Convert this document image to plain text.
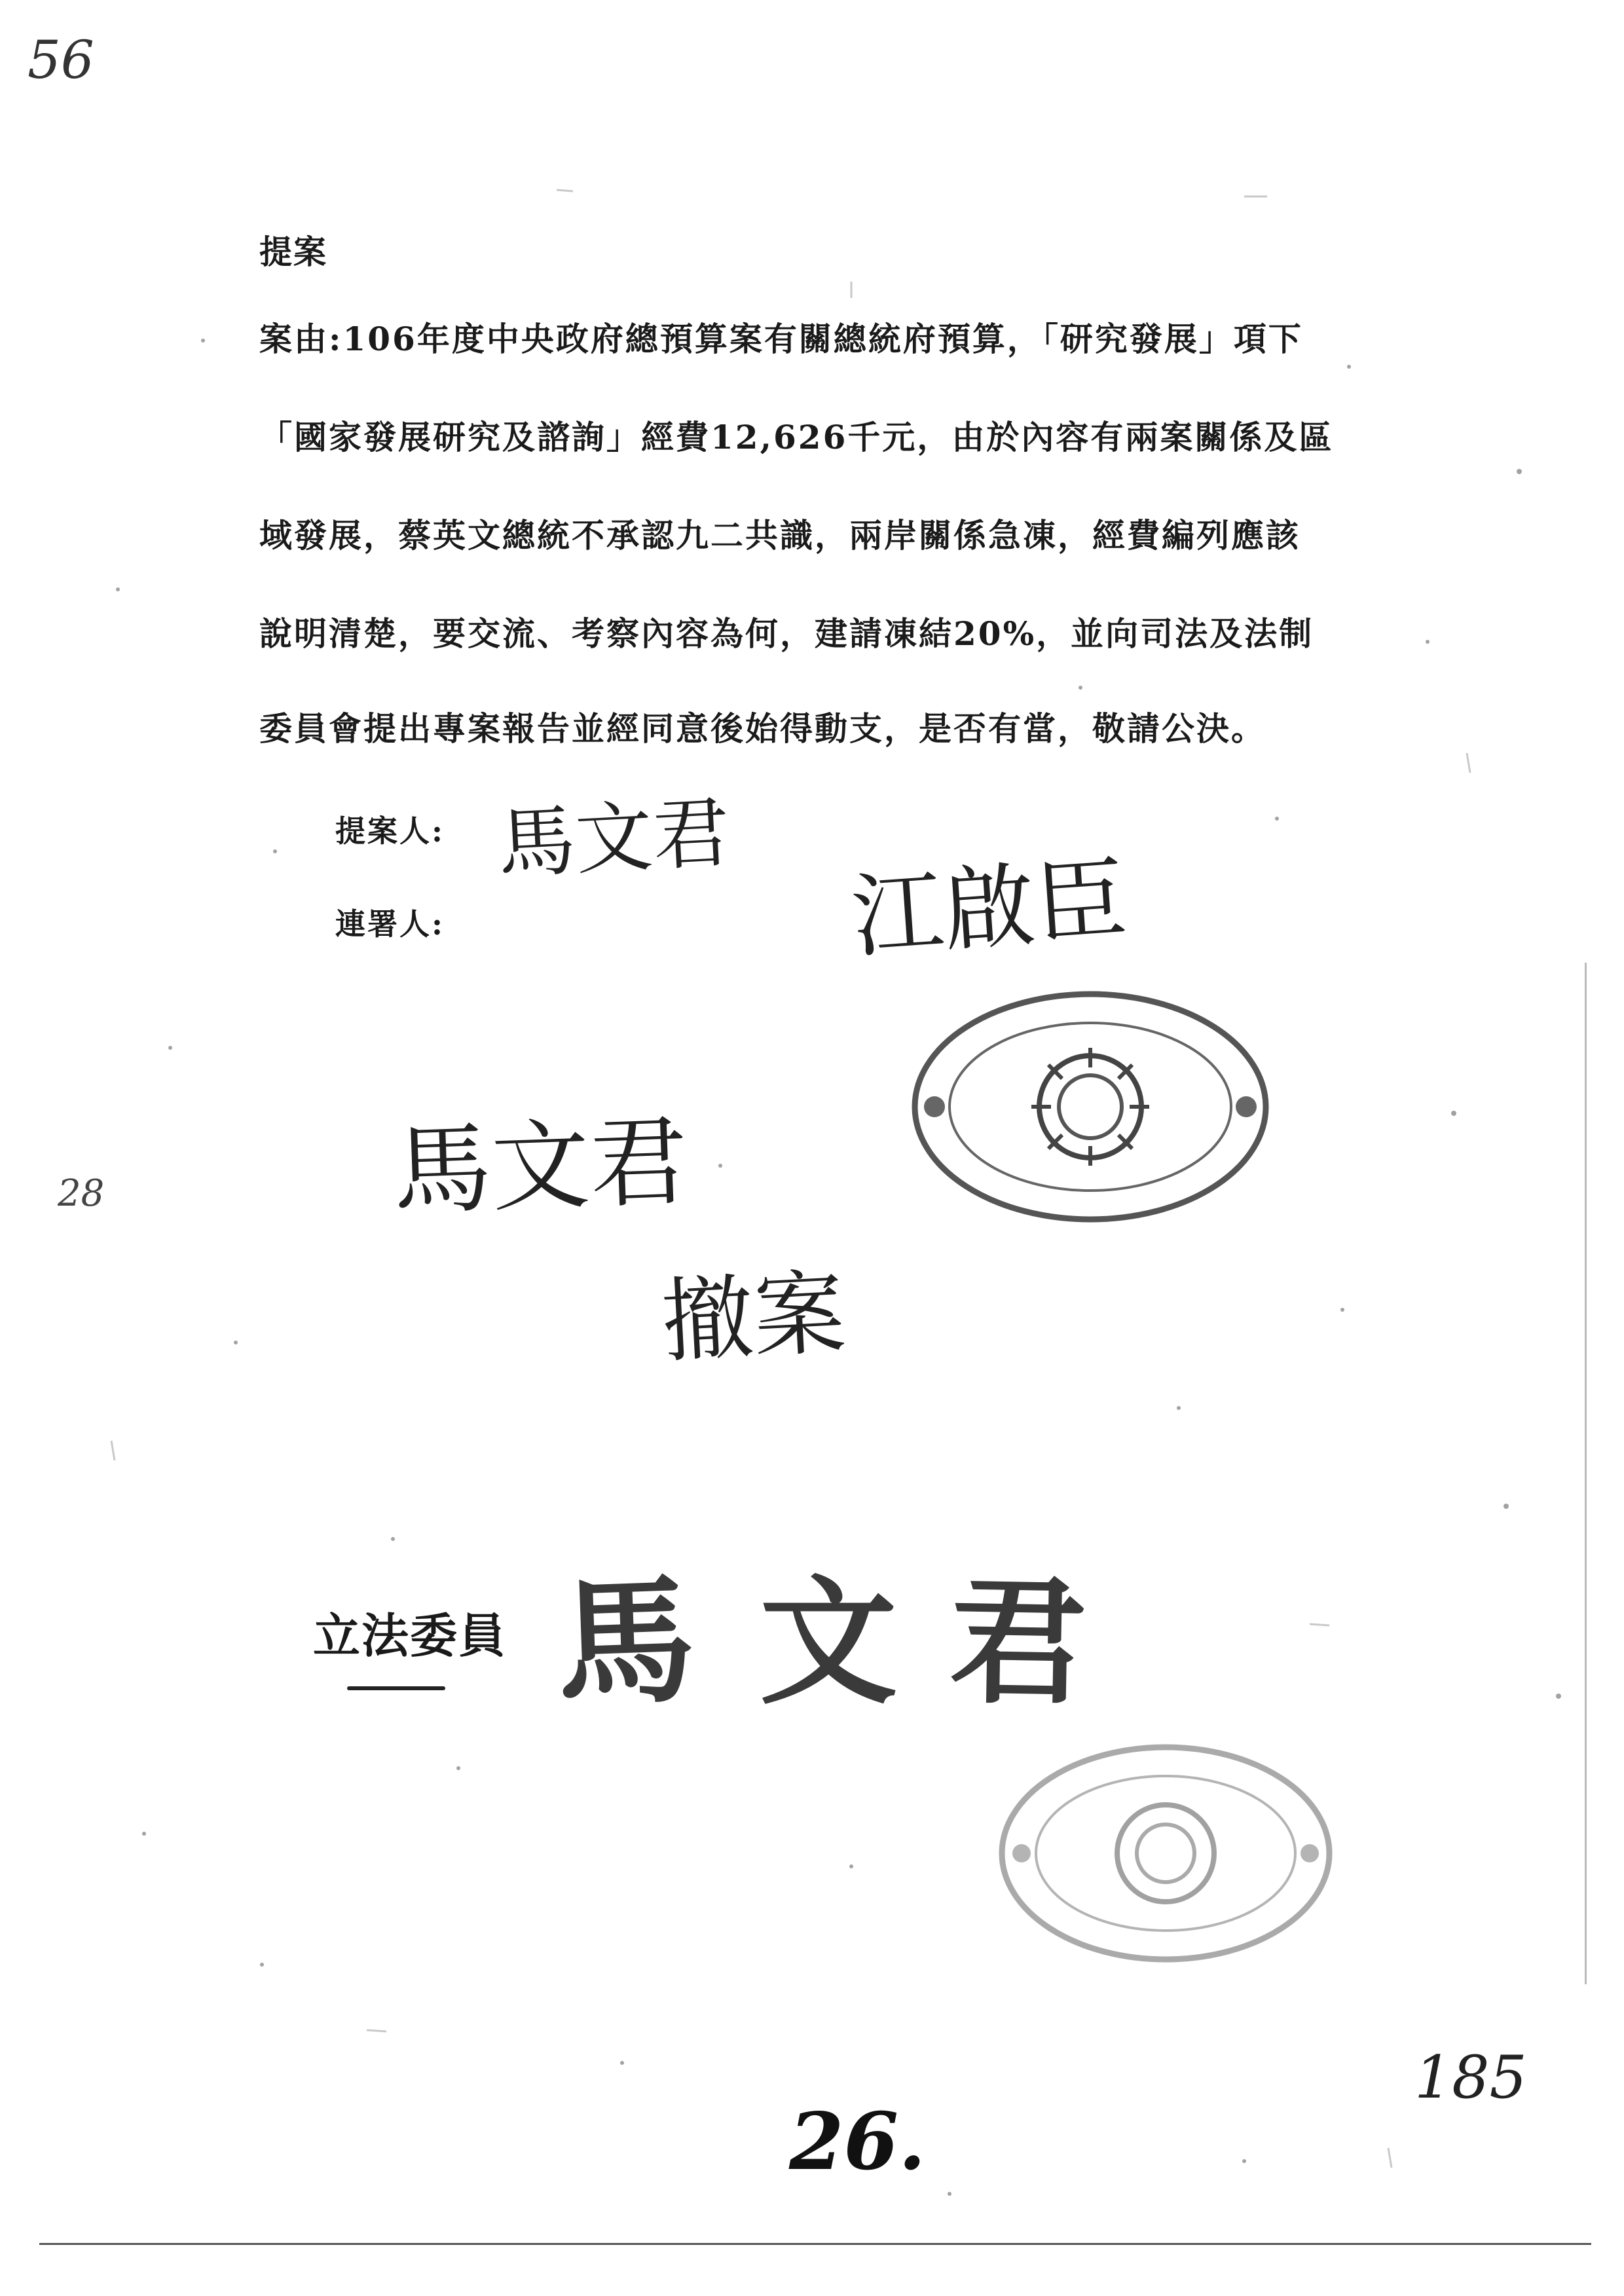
56
提案
案由:106年度中央政府總預算案有關總統府預算，「研究發展」項下
「國家發展研究及諮詢」經費12,626千元，由於內容有兩案關係及區
域發展，蔡英文總統不承認九二共識，兩岸關係急凍，經費編列應該
說明清楚，要交流、考察內容為何，建請凍結20%，並向司法及法制
委員會提出專案報告並經同意後始得動支，是否有當，敬請公決。
提案人:
連署人:
馬文君
江啟臣
馬文君
撤案
28
立法委員 馬 文 君
185
26.
